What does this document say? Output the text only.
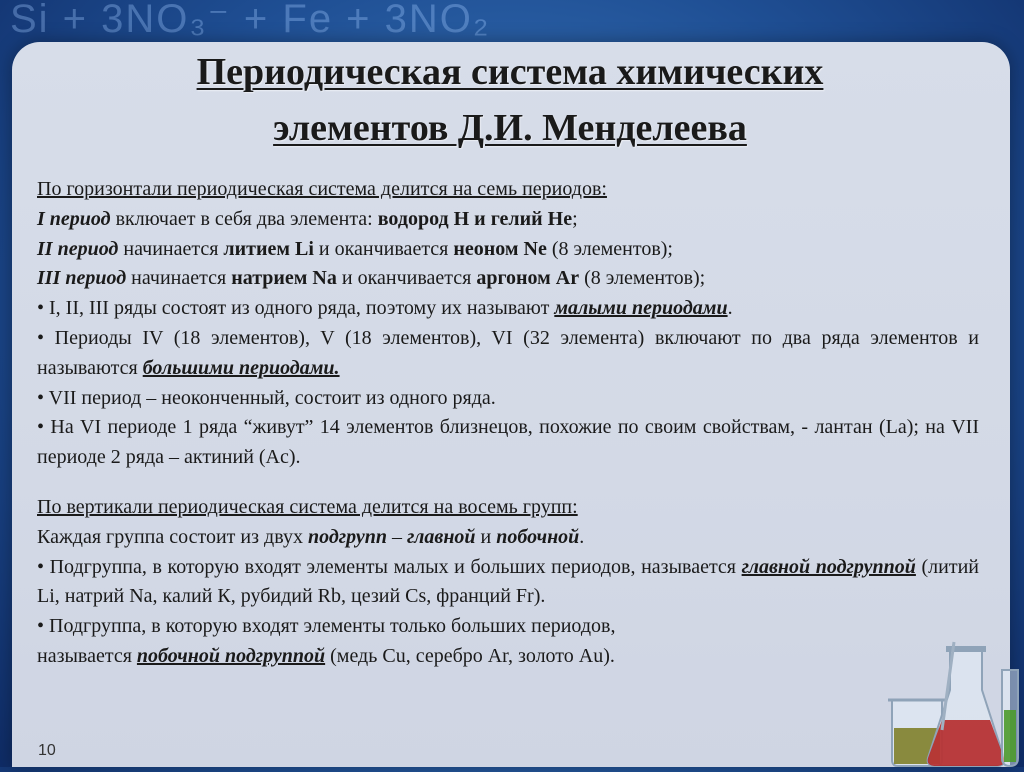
Si + 3NO₃⁻ + Fe + 3NO₂
Периодическая система химических
элементов Д.И. Менделеева

По горизонтали периодическая система делится на семь периодов:

I период включает в себя два элемента: водород H и гелий He;

II период начинается литием Li и оканчивается неоном Ne (8 элементов);

III период начинается натрием Na и оканчивается аргоном Ar (8 элементов);

• I, II, III ряды состоят из одного ряда, поэтому их называют малыми периодами.

• Периоды IV (18 элементов), V (18 элементов), VI (32 элемента) включают по два ряда элементов и называются большими периодами.

• VII период – неоконченный, состоит из одного ряда.

• На VI периоде 1 ряда “живут” 14 элементов близнецов, похожие по своим свойствам, - лантан (La); на VII периоде 2 ряда – актиний (Ac).

По вертикали периодическая система делится на восемь групп:

Каждая группа состоит из двух подгрупп – главной и побочной.

• Подгруппа, в которую входят элементы малых и больших периодов, называется главной подгруппой (литий Li, натрий Na, калий К, рубидий Rb, цезий Cs, франций Fr).

• Подгруппа, в которую входят элементы только больших периодов,
называется побочной подгруппой (медь Cu, серебро Ar, золото Au).

10
